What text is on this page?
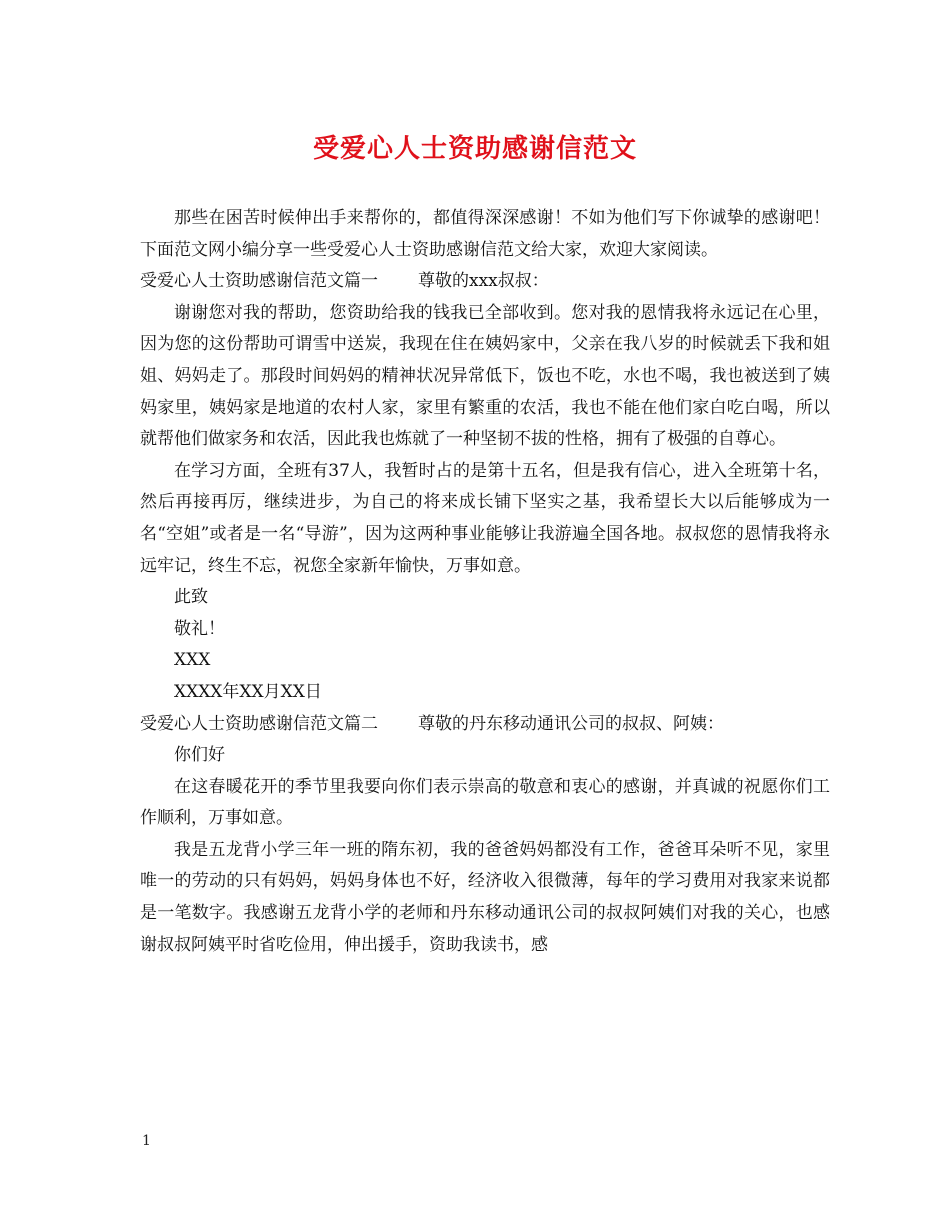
受爱心人士资助感谢信范文

那些在困苦时候伸出手来帮你的，都值得深深感谢！不如为他们写下你诚挚的感谢吧！下面范文网小编分享一些受爱心人士资助感谢信范文给大家，欢迎大家阅读。

受爱心人士资助感谢信范文篇一 尊敬的xxx叔叔：

谢谢您对我的帮助，您资助给我的钱我已全部收到。您对我的恩情我将永远记在心里，因为您的这份帮助可谓雪中送炭，我现在住在姨妈家中，父亲在我八岁的时候就丢下我和姐姐、妈妈走了。那段时间妈妈的精神状况异常低下，饭也不吃，水也不喝，我也被送到了姨妈家里，姨妈家是地道的农村人家，家里有繁重的农活，我也不能在他们家白吃白喝，所以就帮他们做家务和农活，因此我也炼就了一种坚韧不拔的性格，拥有了极强的自尊心。

在学习方面，全班有37人，我暂时占的是第十五名，但是我有信心，进入全班第十名，然后再接再厉，继续进步，为自己的将来成长铺下坚实之基，我希望长大以后能够成为一名“空姐”或者是一名“导游”，因为这两种事业能够让我游遍全国各地。叔叔您的恩情我将永远牢记，终生不忘，祝您全家新年愉快，万事如意。

此致

敬礼！

XXX

XXXX年XX月XX日

受爱心人士资助感谢信范文篇二 尊敬的丹东移动通讯公司的叔叔、阿姨：

你们好

在这春暖花开的季节里我要向你们表示崇高的敬意和衷心的感谢，并真诚的祝愿你们工作顺利，万事如意。

我是五龙背小学三年一班的隋东初，我的爸爸妈妈都没有工作，爸爸耳朵听不见，家里唯一的劳动的只有妈妈，妈妈身体也不好，经济收入很微薄，每年的学习费用对我家来说都是一笔数字。我感谢五龙背小学的老师和丹东移动通讯公司的叔叔阿姨们对我的关心，也感谢叔叔阿姨平时省吃俭用，伸出援手，资助我读书，感

1
